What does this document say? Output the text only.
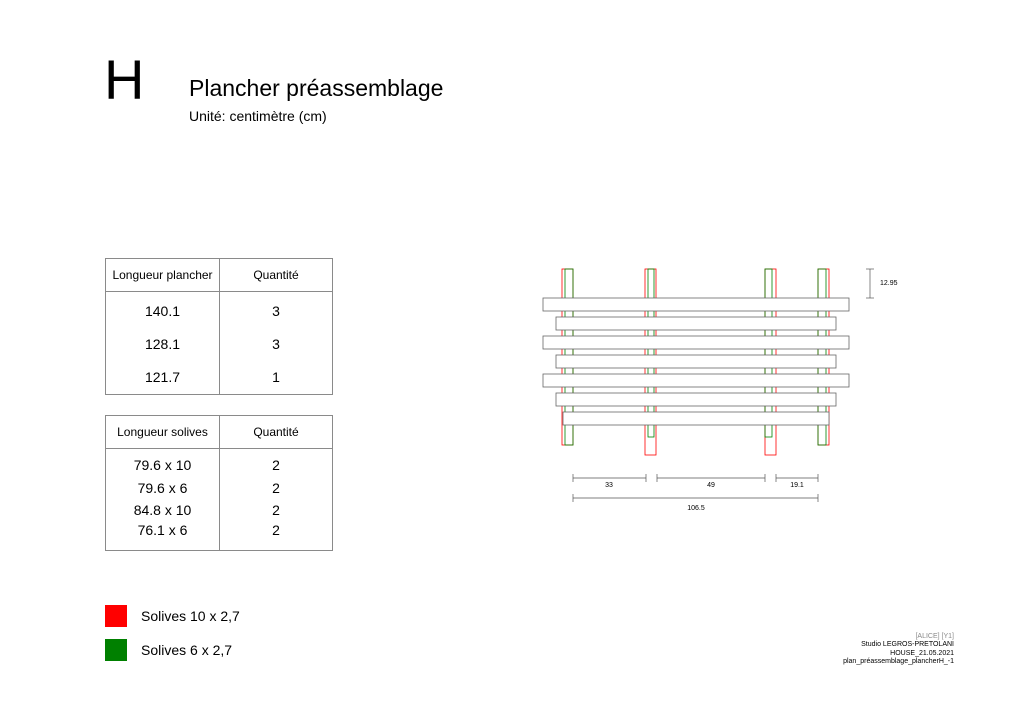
H Plancher préassemblage
Unité: centimètre (cm)
Longueur plancher	Quantité
140.1	3
128.1	3
121.7	1
Longueur solives	Quantité
79.6 x 10	2
79.6 x 6	2
84.8 x 10	2
76.1 x 6	2
Solives 10 x 2,7
Solives 6 x 2,7
12.95
33	49	19.1
106.5
[ALICE] [Y1]
Studio LEGROS-PRETOLANI
HOUSE_21.05.2021
plan_préassemblage_plancherH_-1
